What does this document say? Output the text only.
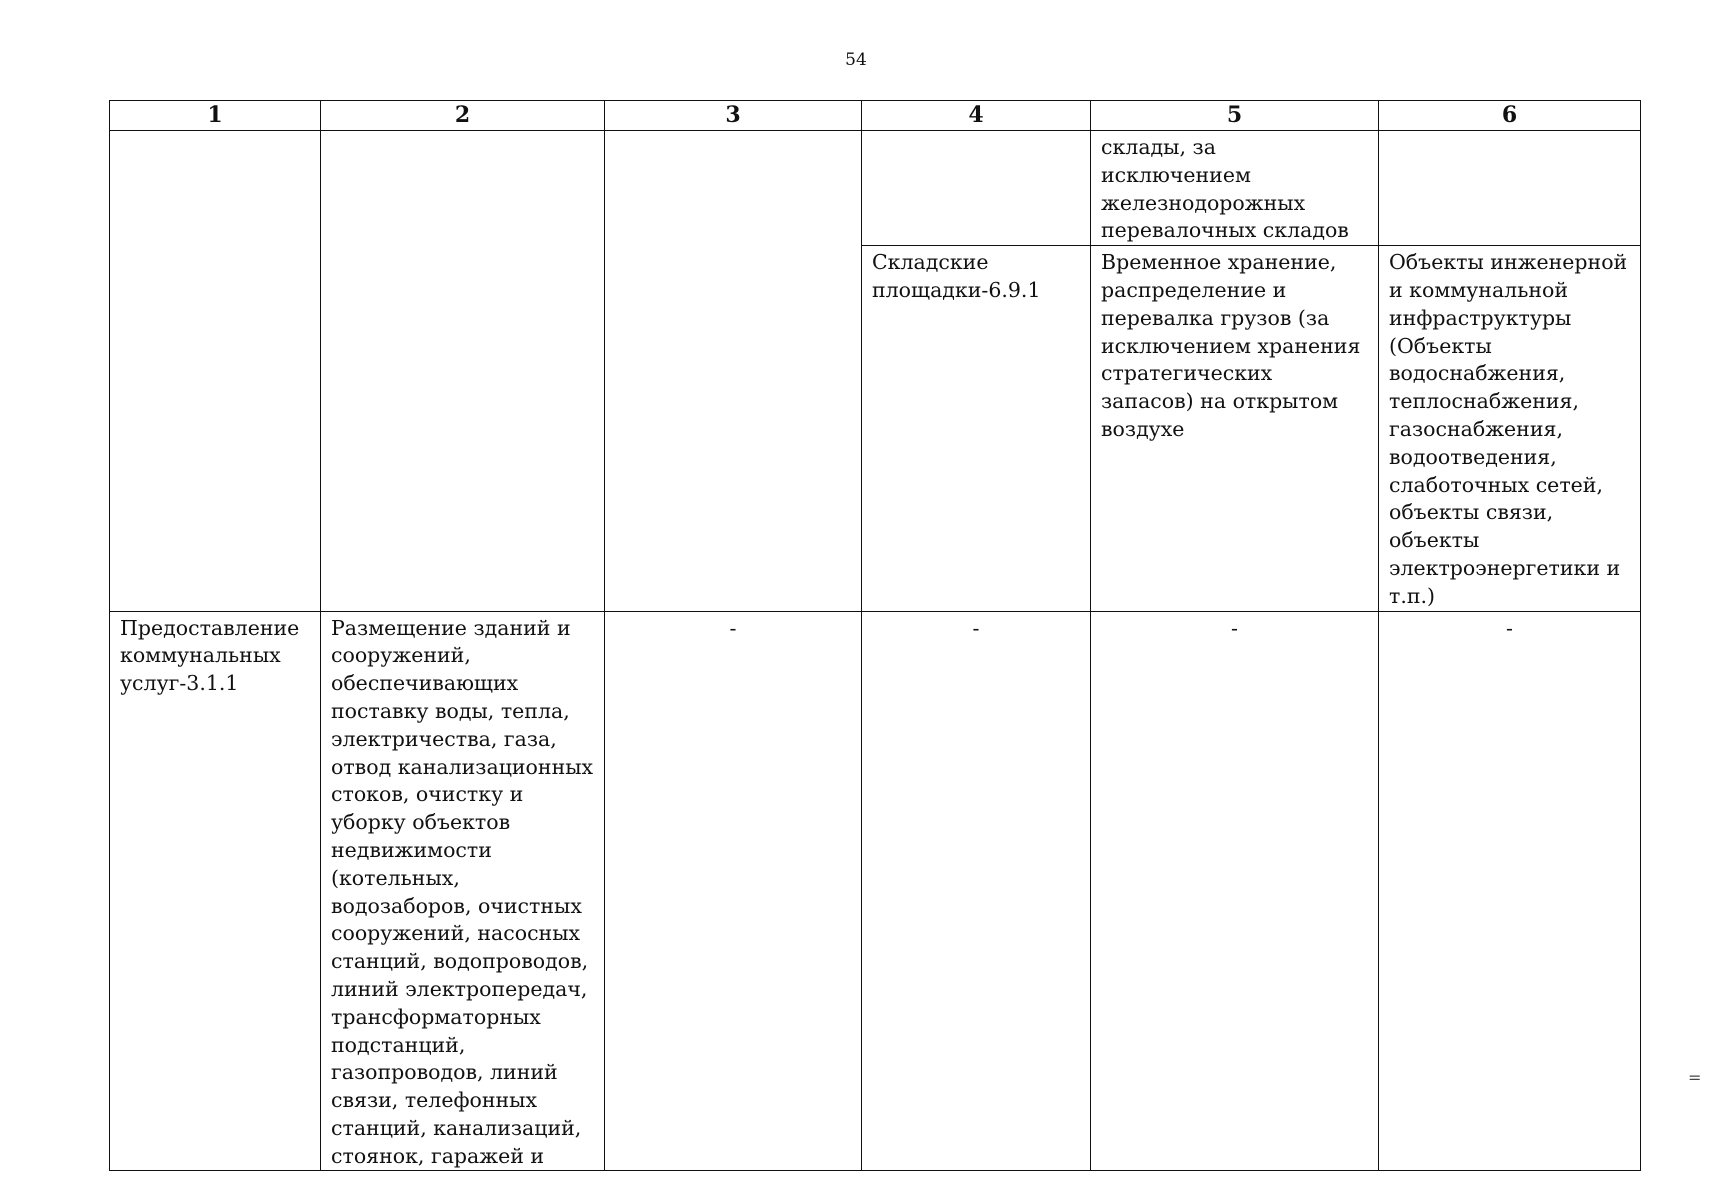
54
1	2	3	4	5	6
				склады, за исключением железнодорожных перевалочных складов	
			Складские площадки-6.9.1	Временное хранение, распределение и перевалка грузов (за исключением хранения стратегических запасов) на открытом воздухе	Объекты инженерной и коммунальной инфраструктуры (Объекты водоснабжения, теплоснабжения, газоснабжения, водоотведения, слаботочных сетей, объекты связи, объекты электроэнергетики и т.п.)
Предоставление коммунальных услуг-3.1.1	Размещение зданий и сооружений, обеспечивающих поставку воды, тепла, электричества, газа, отвод канализационных стоков, очистку и уборку объектов недвижимости (котельных, водозаборов, очистных сооружений, насосных станций, водопроводов, линий электропередач, трансформаторных подстанций, газопроводов, линий связи, телефонных станций, канализаций, стоянок, гаражей и	-	-	-	-
=
